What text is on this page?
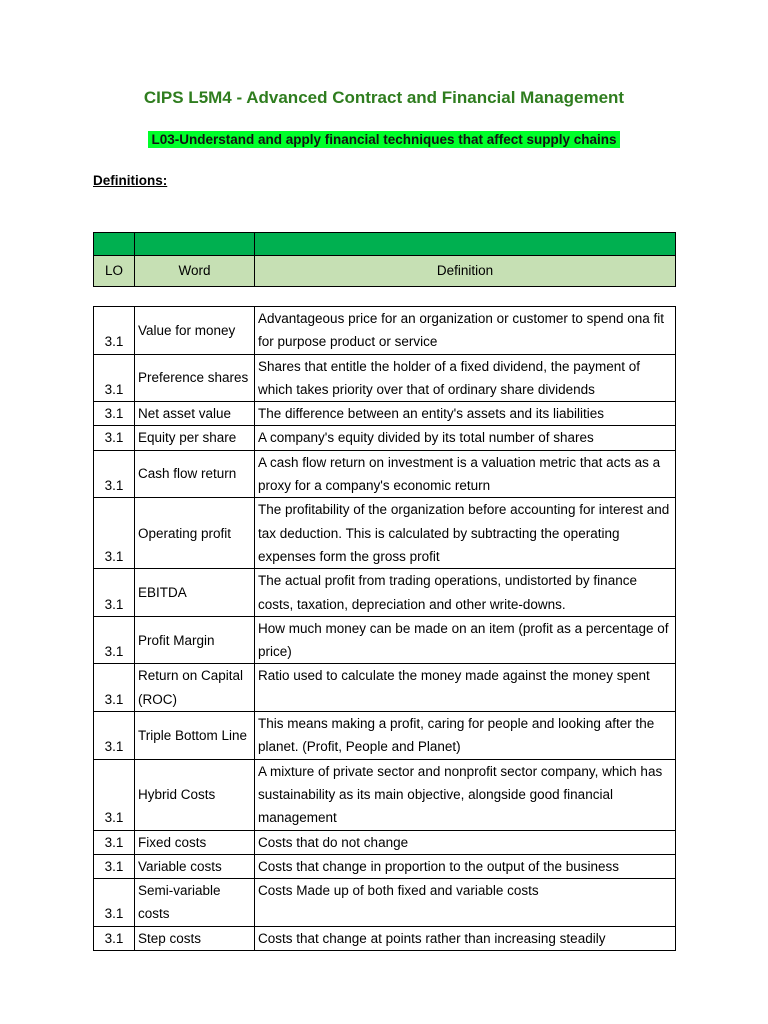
CIPS L5M4 - Advanced Contract and Financial Management
L03-Understand and apply financial techniques that affect supply chains
Definitions:

LO	Word	Definition
3.1	Value for money	Advantageous price for an organization or customer to spend ona fit for purpose product or service
3.1	Preference shares	Shares that entitle the holder of a fixed dividend, the payment of which takes priority over that of ordinary share dividends
3.1	Net asset value	The difference between an entity's assets and its liabilities
3.1	Equity per share	A company's equity divided by its total number of shares
3.1	Cash flow return	A cash flow return on investment is a valuation metric that acts as a proxy for a company's economic return
3.1	Operating profit	The profitability of the organization before accounting for interest and tax deduction. This is calculated by subtracting the operating expenses form the gross profit
3.1	EBITDA	The actual profit from trading operations, undistorted by finance costs, taxation, depreciation and other write-downs.
3.1	Profit Margin	How much money can be made on an item (profit as a percentage of price)
3.1	Return on Capital (ROC)	Ratio used to calculate the money made against the money spent
3.1	Triple Bottom Line	This means making a profit, caring for people and looking after the planet. (Profit, People and Planet)
3.1	Hybrid Costs	A mixture of private sector and nonprofit sector company, which has sustainability as its main objective, alongside good financial management
3.1	Fixed costs	Costs that do not change
3.1	Variable costs	Costs that change in proportion to the output of the business
3.1	Semi-variable costs	Costs Made up of both fixed and variable costs
3.1	Step costs	Costs that change at points rather than increasing steadily
